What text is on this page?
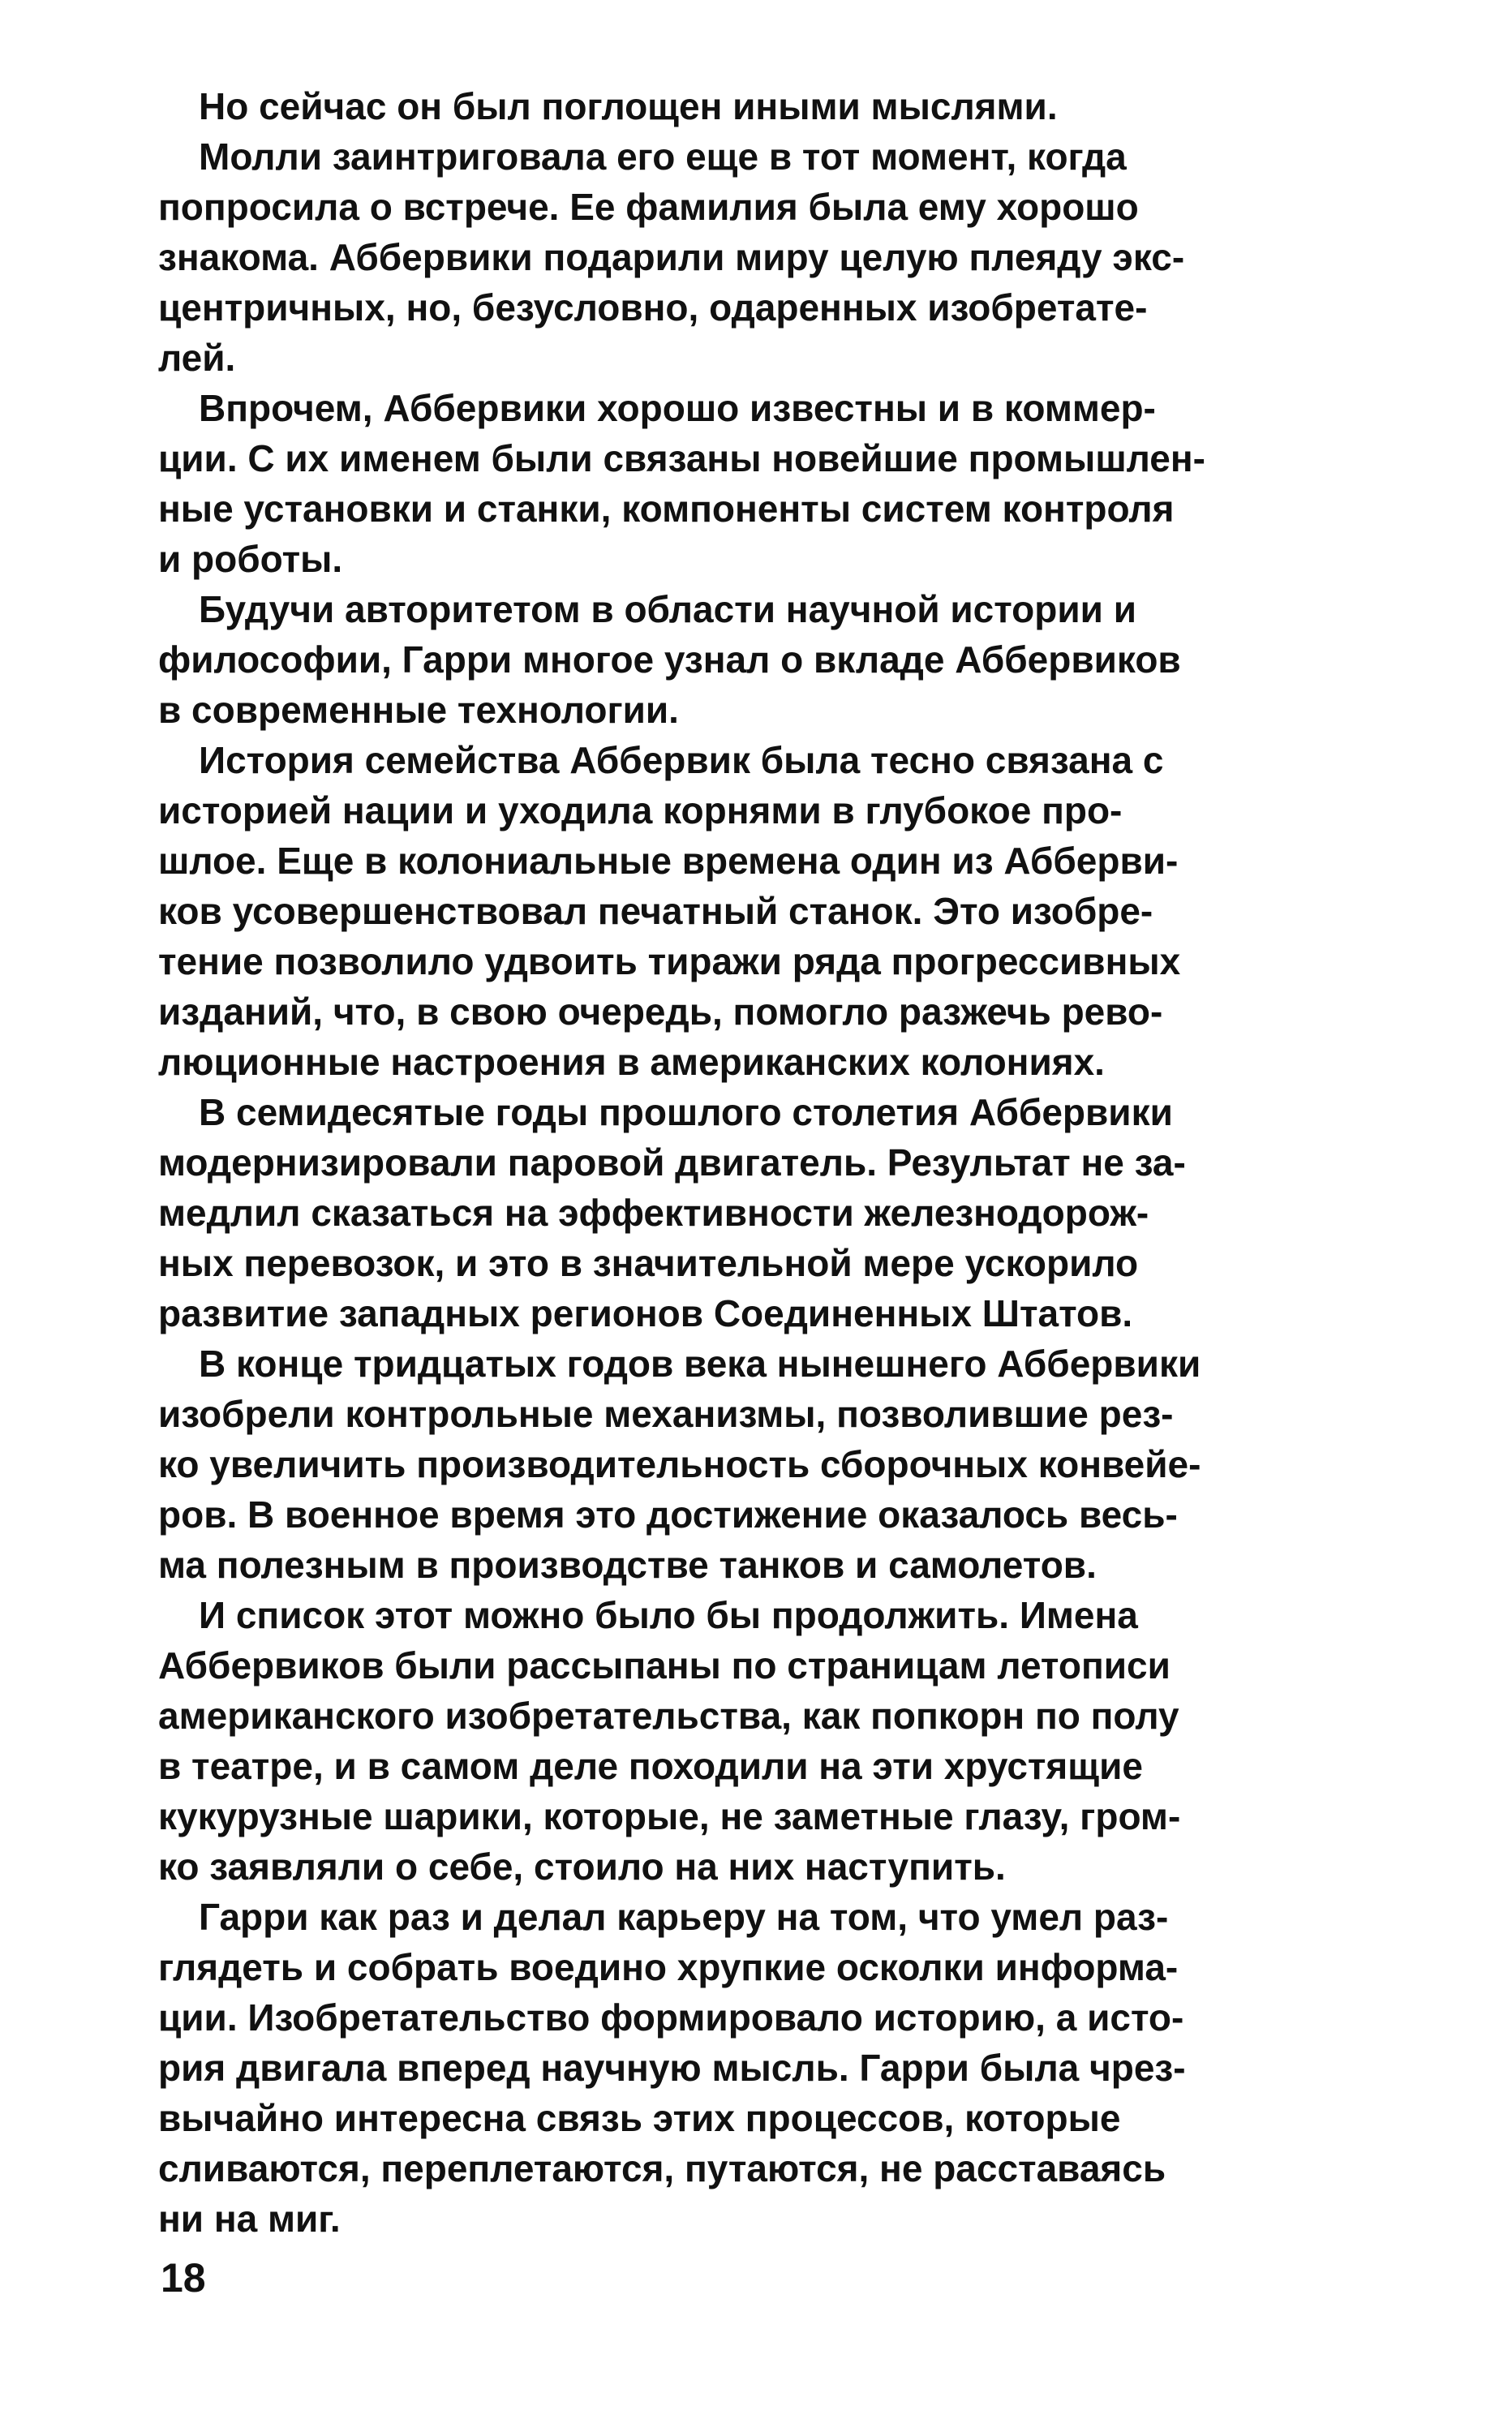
Но сейчас он был поглощен иными мыслями.

Молли заинтриговала его еще в тот момент, когда
попросила о встрече. Ее фамилия была ему хорошо
знакома. Аббервики подарили миру целую плеяду экс-
центричных, но, безусловно, одаренных изобретате-
лей.

Впрочем, Аббервики хорошо известны и в коммер-
ции. С их именем были связаны новейшие промышлен-
ные установки и станки, компоненты систем контроля
и роботы.

Будучи авторитетом в области научной истории и
философии, Гарри многое узнал о вкладе Аббервиков
в современные технологии.

История семейства Аббервик была тесно связана с
историей нации и уходила корнями в глубокое про-
шлое. Еще в колониальные времена один из Абберви-
ков усовершенствовал печатный станок. Это изобре-
тение позволило удвоить тиражи ряда прогрессивных
изданий, что, в свою очередь, помогло разжечь рево-
люционные настроения в американских колониях.

В семидесятые годы прошлого столетия Аббервики
модернизировали паровой двигатель. Результат не за-
медлил сказаться на эффективности железнодорож-
ных перевозок, и это в значительной мере ускорило
развитие западных регионов Соединенных Штатов.

В конце тридцатых годов века нынешнего Аббервики
изобрели контрольные механизмы, позволившие рез-
ко увеличить производительность сборочных конвейе-
ров. В военное время это достижение оказалось весь-
ма полезным в производстве танков и самолетов.

И список этот можно было бы продолжить. Имена
Аббервиков были рассыпаны по страницам летописи
американского изобретательства, как попкорн по полу
в театре, и в самом деле походили на эти хрустящие
кукурузные шарики, которые, не заметные глазу, гром-
ко заявляли о себе, стоило на них наступить.

Гарри как раз и делал карьеру на том, что умел раз-
глядеть и собрать воедино хрупкие осколки информа-
ции. Изобретательство формировало историю, а исто-
рия двигала вперед научную мысль. Гарри была чрез-
вычайно интересна связь этих процессов, которые
сливаются, переплетаются, путаются, не расставаясь
ни на миг.

18
